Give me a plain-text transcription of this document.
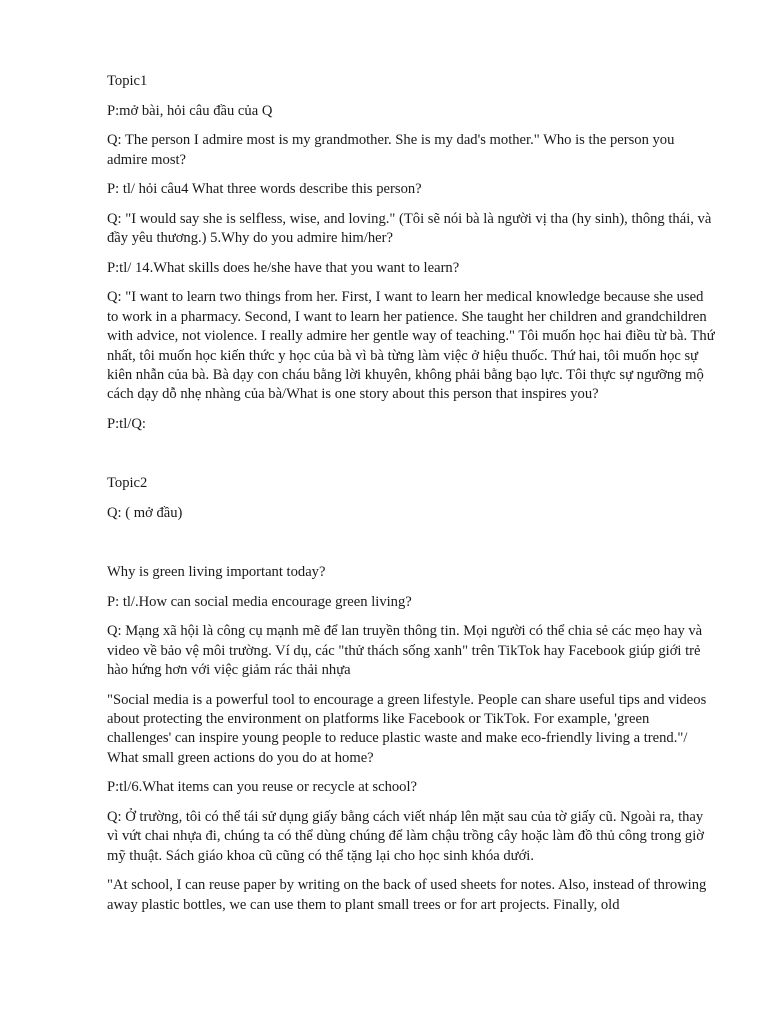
Topic1

P:mở bài, hỏi câu đầu của Q

Q: The person I admire most is my grandmother. She is my dad's mother." Who is the person you admire most?

P: tl/ hỏi câu4 What three words describe this person?

Q: "I would say she is selfless, wise, and loving." (Tôi sẽ nói bà là người vị tha (hy sinh), thông thái, và đầy yêu thương.) 5.Why do you admire him/her?

P:tl/ 14.What skills does he/she have that you want to learn?

Q: "I want to learn two things from her. First, I want to learn her medical knowledge because she used to work in a pharmacy. Second, I want to learn her patience. She taught her children and grandchildren with advice, not violence. I really admire her gentle way of teaching." Tôi muốn học hai điều từ bà. Thứ nhất, tôi muốn học kiến thức y học của bà vì bà từng làm việc ở hiệu thuốc. Thứ hai, tôi muốn học sự kiên nhẫn của bà. Bà dạy con cháu bằng lời khuyên, không phải bằng bạo lực. Tôi thực sự ngưỡng mộ cách dạy dỗ nhẹ nhàng của bà/What is one story about this person that inspires you?

P:tl/Q:

Topic2

Q: ( mở đầu)

Why is green living important today?

P: tl/.How can social media encourage green living?

Q: Mạng xã hội là công cụ mạnh mẽ để lan truyền thông tin. Mọi người có thể chia sẻ các mẹo hay và video về bảo vệ môi trường. Ví dụ, các "thử thách sống xanh" trên TikTok hay Facebook giúp giới trẻ hào hứng hơn với việc giảm rác thải nhựa

"Social media is a powerful tool to encourage a green lifestyle. People can share useful tips and videos about protecting the environment on platforms like Facebook or TikTok. For example, 'green challenges' can inspire young people to reduce plastic waste and make eco-friendly living a trend."/ What small green actions do you do at home?

P:tl/6.What items can you reuse or recycle at school?

Q: Ở trường, tôi có thể tái sử dụng giấy bằng cách viết nháp lên mặt sau của tờ giấy cũ. Ngoài ra, thay vì vứt chai nhựa đi, chúng ta có thể dùng chúng để làm chậu trồng cây hoặc làm đồ thủ công trong giờ mỹ thuật. Sách giáo khoa cũ cũng có thể tặng lại cho học sinh khóa dưới.

"At school, I can reuse paper by writing on the back of used sheets for notes. Also, instead of throwing away plastic bottles, we can use them to plant small trees or for art projects. Finally, old
